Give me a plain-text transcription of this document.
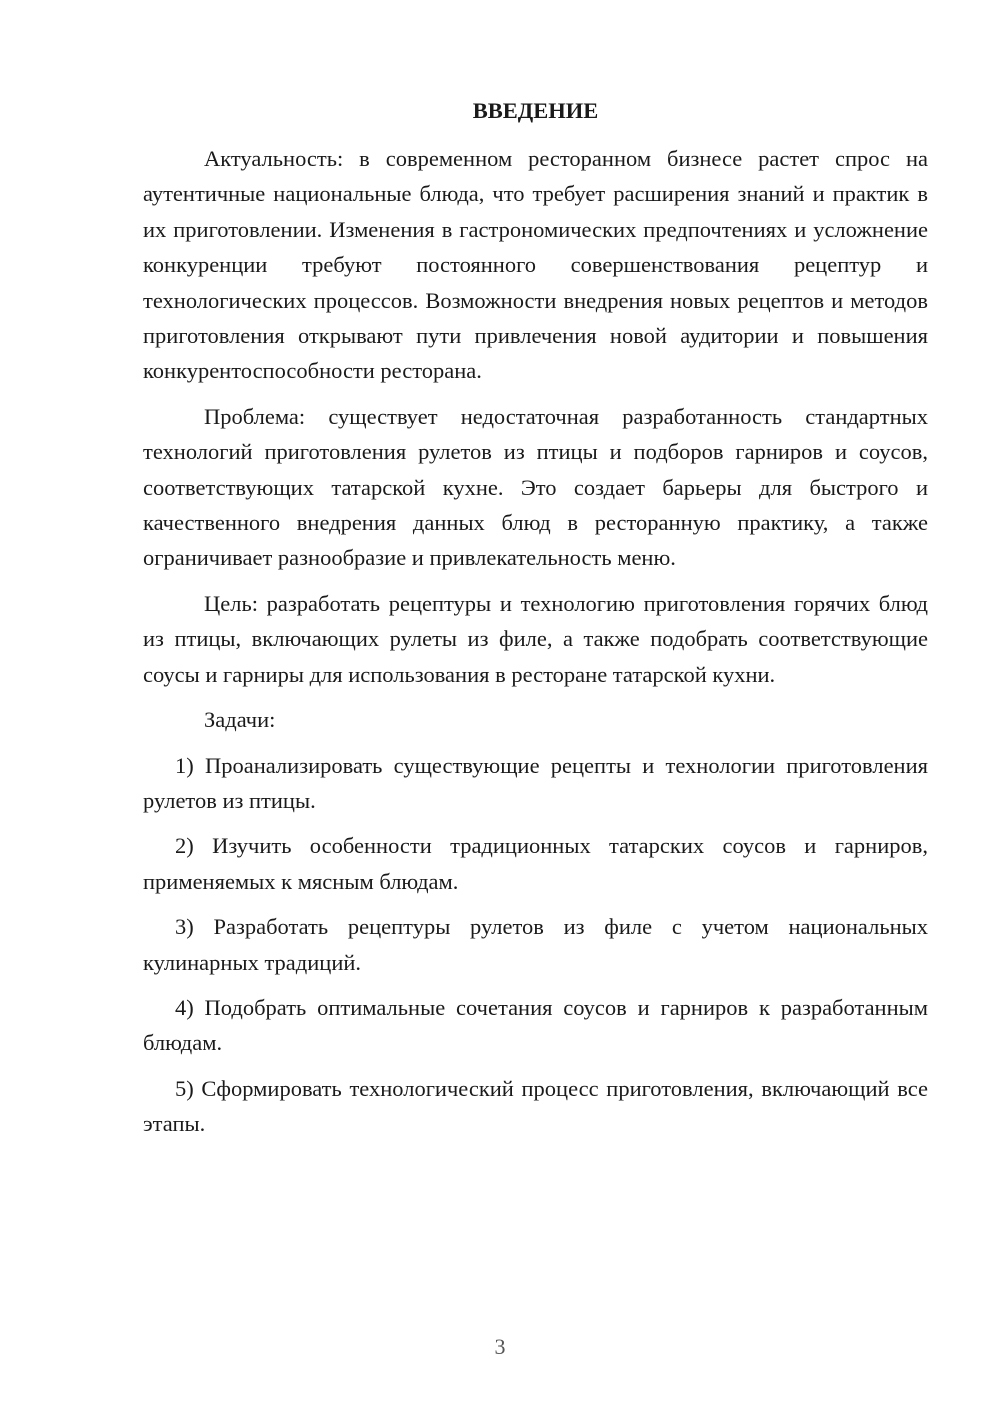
ВВЕДЕНИЕ

Актуальность: в современном ресторанном бизнесе растет спрос на аутентичные национальные блюда, что требует расширения знаний и практик в их приготовлении. Изменения в гастрономических предпочтениях и усложнение конкуренции требуют постоянного совершенствования рецептур и технологических процессов. Возможности внедрения новых рецептов и методов приготовления открывают пути привлечения новой аудитории и повышения конкурентоспособности ресторана.

Проблема: существует недостаточная разработанность стандартных технологий приготовления рулетов из птицы и подборов гарниров и соусов, соответствующих татарской кухне. Это создает барьеры для быстрого и качественного внедрения данных блюд в ресторанную практику, а также ограничивает разнообразие и привлекательность меню.

Цель: разработать рецептуры и технологию приготовления горячих блюд из птицы, включающих рулеты из филе, а также подобрать соответствующие соусы и гарниры для использования в ресторане татарской кухни.

Задачи:

1) Проанализировать существующие рецепты и технологии приготовления рулетов из птицы.

2) Изучить особенности традиционных татарских соусов и гарниров, применяемых к мясным блюдам.

3) Разработать рецептуры рулетов из филе с учетом национальных кулинарных традиций.

4) Подобрать оптимальные сочетания соусов и гарниров к разработанным блюдам.

5) Сформировать технологический процесс приготовления, включающий все этапы.

3
